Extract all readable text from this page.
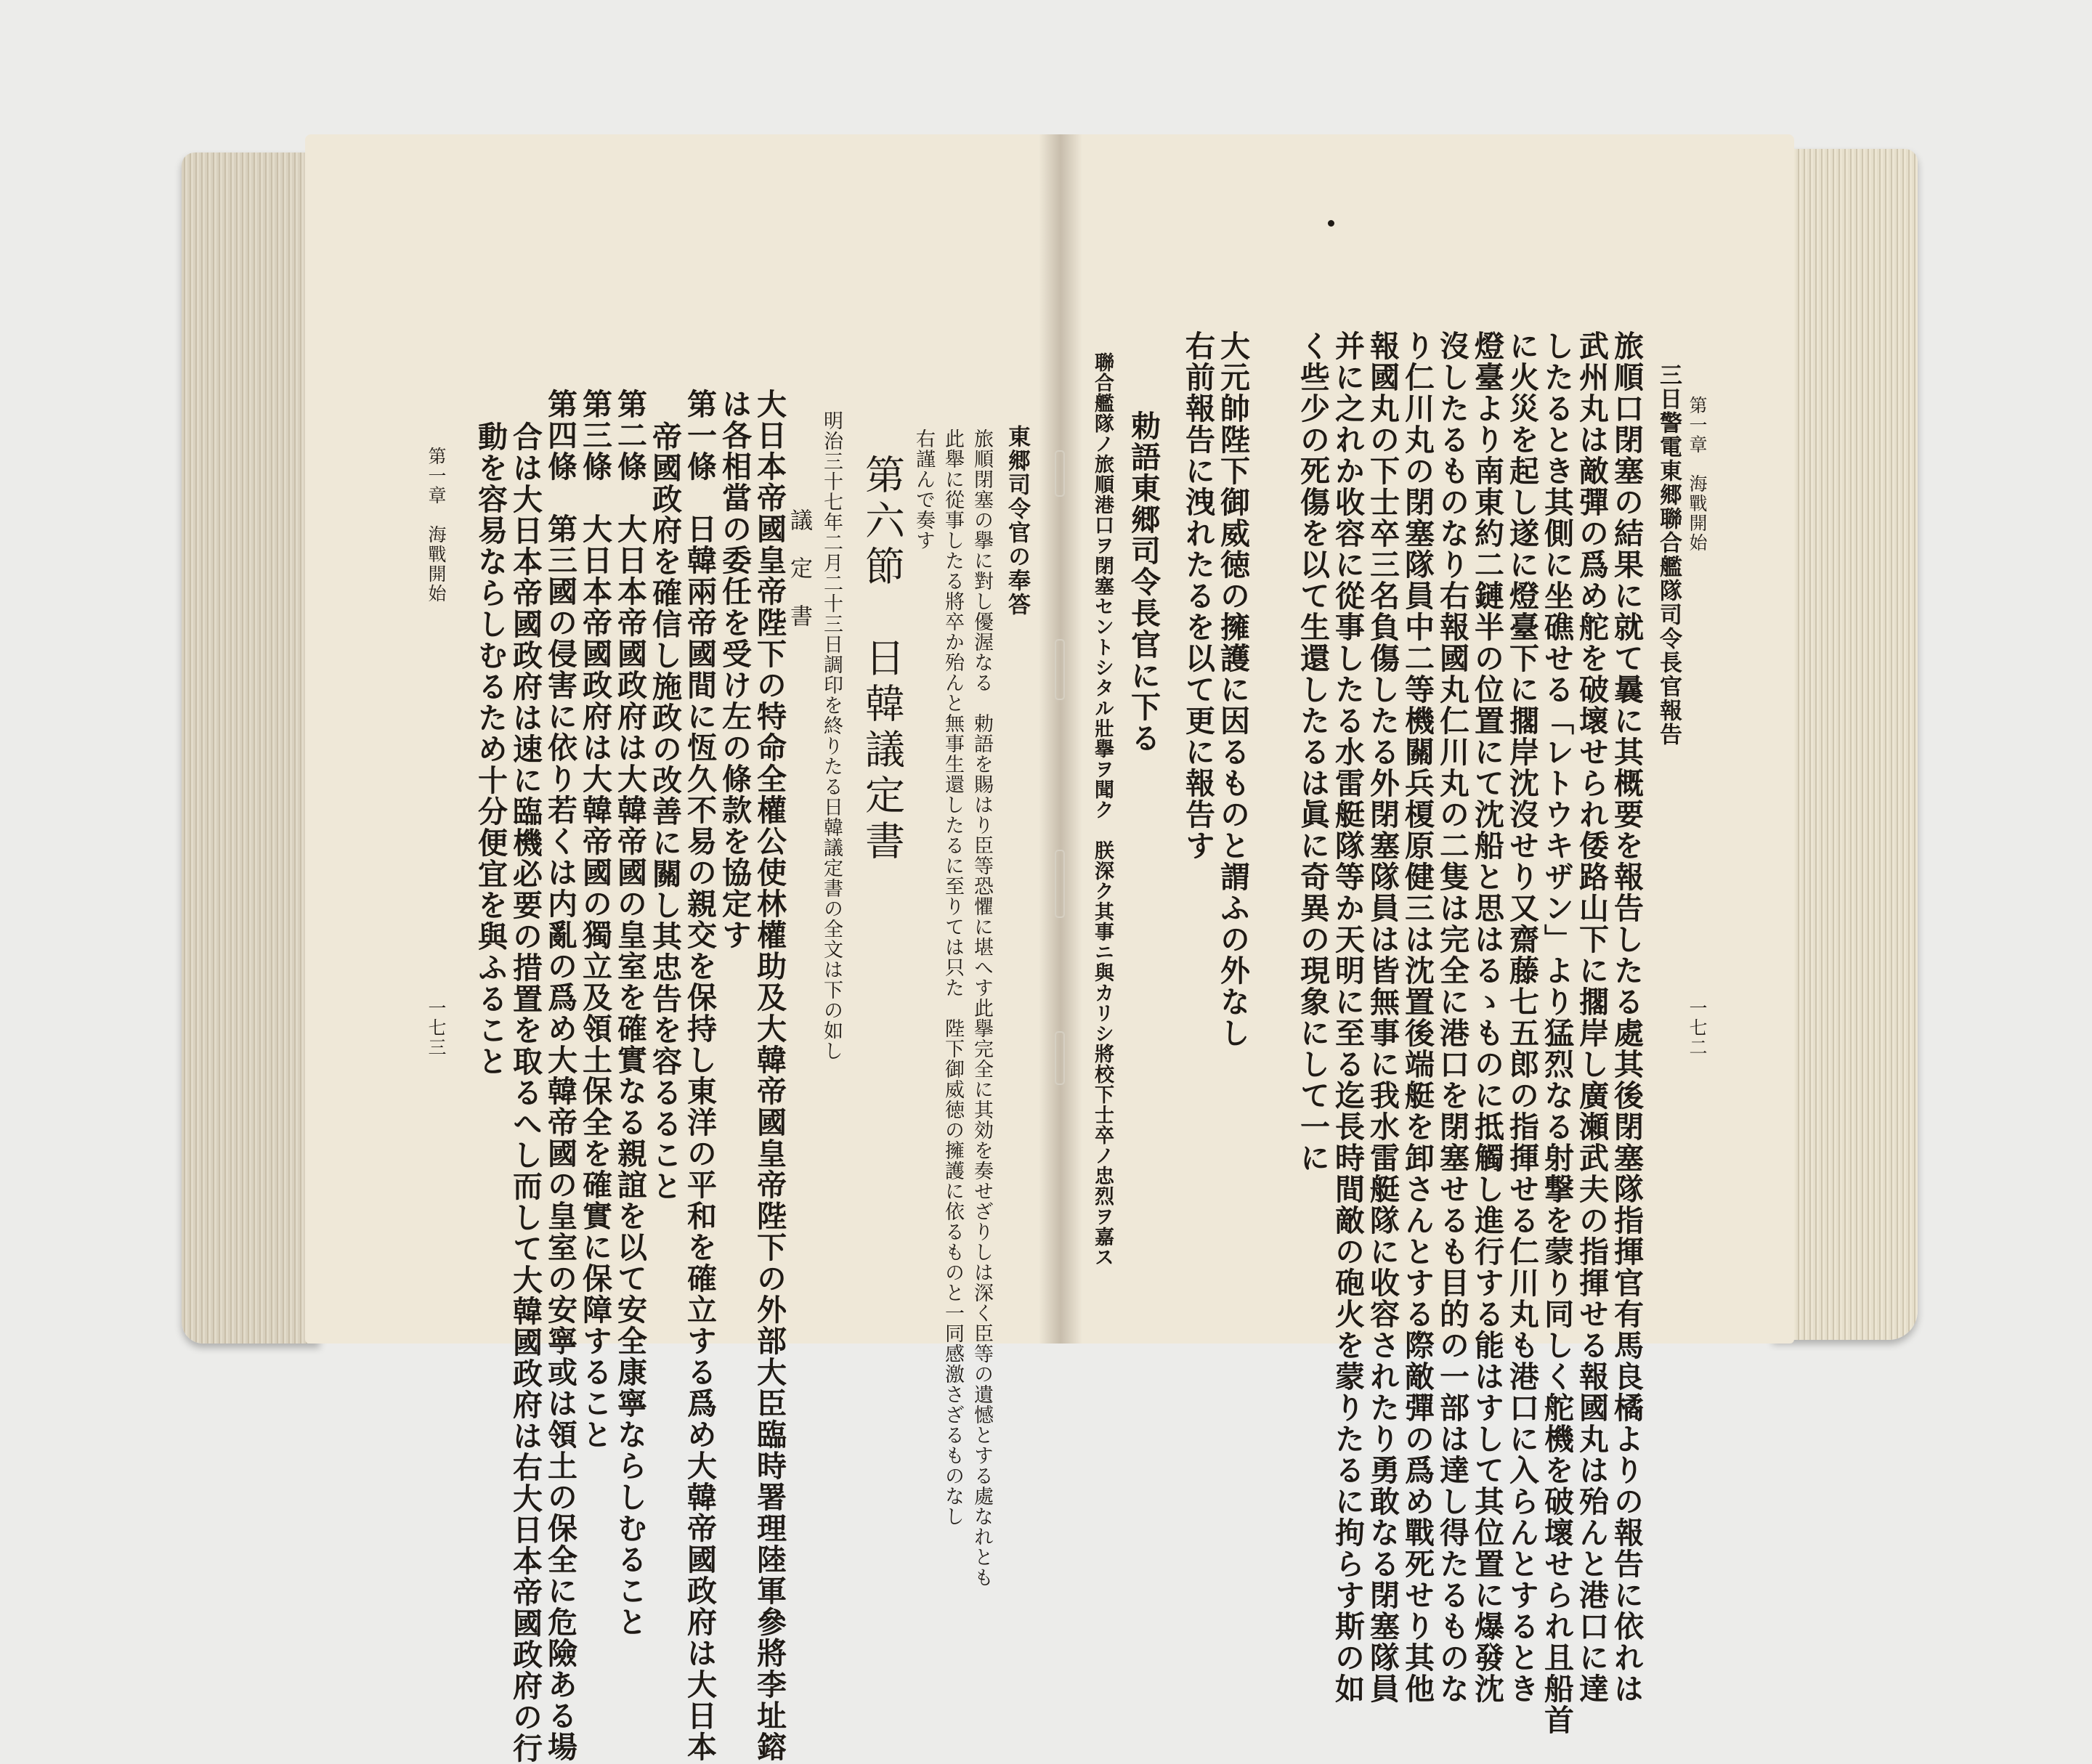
第一章　海戰開始
一七二
三日警電東郷聯合艦隊司令長官報告
旅順口閉塞の結果に就て曩に其概要を報告したる處其後閉塞隊指揮官有馬良橘よりの報告に依れは
武州丸は敵彈の爲め舵を破壞せられ倭路山下に擱岸し廣瀬武夫の指揮せる報國丸は殆んと港口に達
したるとき其側に坐礁せる「レトウキザン」より猛烈なる射撃を蒙り同しく舵機を破壞せられ且船首
に火災を起し遂に燈臺下に擱岸沈沒せり又齋藤七五郎の指揮せる仁川丸も港口に入らんとするとき
燈臺より南東約二鏈半の位置にて沈船と思はるゝものに抵觸し進行する能はすして其位置に爆發沈
沒したるものなり右報國丸仁川丸の二隻は完全に港口を閉塞せるも目的の一部は達し得たるものな
り仁川丸の閉塞隊員中二等機關兵榎原健三は沈置後端艇を卸さんとする際敵彈の爲め戰死せり其他
報國丸の下士卒三名負傷したる外閉塞隊員は皆無事に我水雷艇隊に收容されたり勇敢なる閉塞隊員
并に之れか收容に從事したる水雷艇隊等か天明に至る迄長時間敵の砲火を蒙りたるに拘らす斯の如
く些少の死傷を以て生還したるは眞に奇異の現象にして一に
大元帥陛下御威徳の擁護に因るものと謂ふの外なし
右前報告に洩れたるを以て更に報告す
勅語東郷司令長官に下る
聯合艦隊ノ旅順港口ヲ閉塞セントシタル壯擧ヲ聞ク　朕深ク其事ニ與カリシ將校下士卒ノ忠烈ヲ嘉ス
東郷司令官の奉答
旅順閉塞の擧に對し優渥なる　勅語を賜はり臣等恐懼に堪へす此擧完全に其効を奏せざりしは深く臣等の遺憾とする處なれとも
此舉に從事したる將卒か殆んと無事生還したるに至りては只た　陛下御威徳の擁護に依るものと一同感激さざるものなし
右謹んで奏す
第六節　日韓議定書
明治三十七年二月二十三日調印を終りたる日韓議定書の全文は下の如し
議　定　書
大日本帝國皇帝陛下の特命全權公使林權助及大韓帝國皇帝陛下の外部大臣臨時署理陸軍參將李址鎔
は各相當の委任を受け左の條款を協定す
第一條　日韓兩帝國間に恆久不易の親交を保持し東洋の平和を確立する爲め大韓帝國政府は大日本
帝國政府を確信し施政の改善に關し其忠告を容るること
第二條　大日本帝國政府は大韓帝國の皇室を確實なる親誼を以て安全康寧ならしむること
第三條　大日本帝國政府は大韓帝國の獨立及領土保全を確實に保障すること
第四條　第三國の侵害に依り若くは内亂の爲め大韓帝國の皇室の安寧或は領土の保全に危險ある場
合は大日本帝國政府は速に臨機必要の措置を取るへし而して大韓國政府は右大日本帝國政府の行
動を容易ならしむるため十分便宜を與ふること
第一章　海戰開始
一七三
